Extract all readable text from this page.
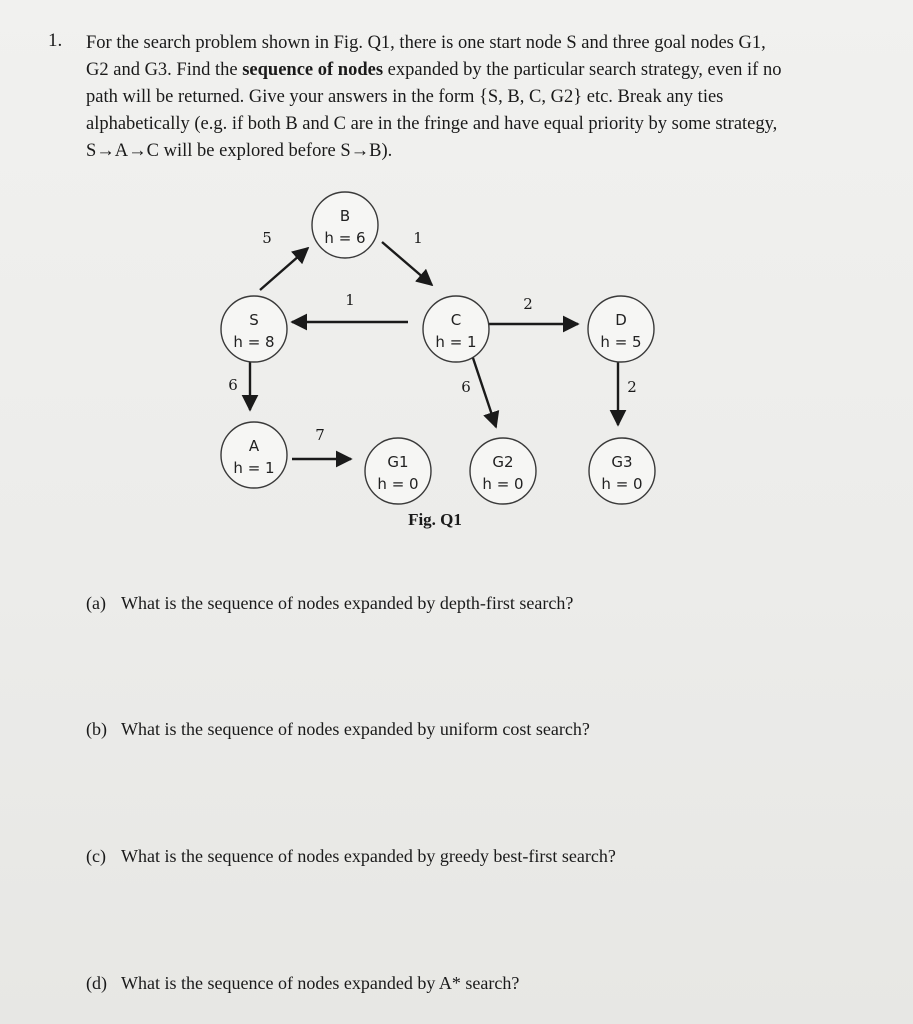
1. For the search problem shown in Fig. Q1, there is one start node S and three goal nodes G1,
G2 and G3. Find the sequence of nodes expanded by the particular search strategy, even if no
path will be returned. Give your answers in the form {S, B, C, G2} etc. Break any ties
alphabetically (e.g. if both B and C are in the fringe and have equal priority by some strategy,
S→A→C will be explored before S→B).
5	1
1	2
6	6	2
7
S
h = 8
B
h = 6
C
h = 1
D
h = 5
A
h = 1	G1
h = 0
G2
h = 0
G3
h = 0
Fig. Q1
(a) What is the sequence of nodes expanded by depth-first search?
(b) What is the sequence of nodes expanded by uniform cost search?
(c) What is the sequence of nodes expanded by greedy best-first search?
(d) What is the sequence of nodes expanded by A* search?
